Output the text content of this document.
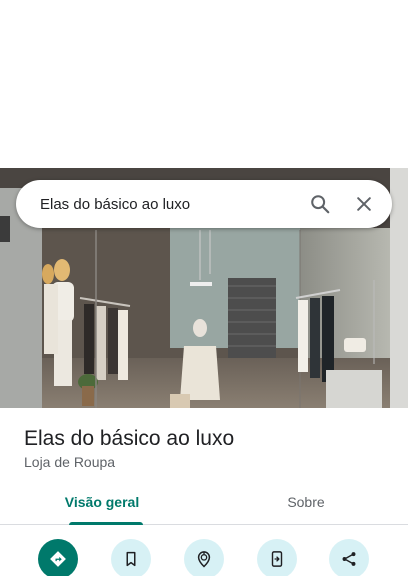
Elas do básico ao luxo
Elas do básico ao luxo
Loja de Roupa
Visão geral	Sobre
